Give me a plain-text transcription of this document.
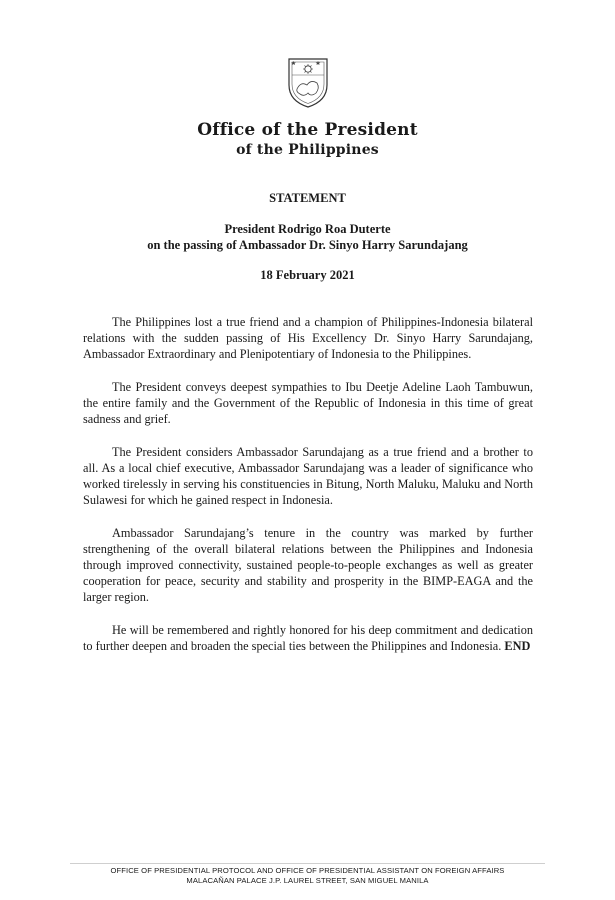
Office of the President
of the Philippines
STATEMENT
President Rodrigo Roa Duterte
on the passing of Ambassador Dr. Sinyo Harry Sarundajang
18 February 2021

The Philippines lost a true friend and a champion of Philippines-Indonesia bilateral relations with the sudden passing of His Excellency Dr. Sinyo Harry Sarundajang, Ambassador Extraordinary and Plenipotentiary of Indonesia to the Philippines.

The President conveys deepest sympathies to Ibu Deetje Adeline Laoh Tambuwun, the entire family and the Government of the Republic of Indonesia in this time of great sadness and grief.

The President considers Ambassador Sarundajang as a true friend and a brother to all. As a local chief executive, Ambassador Sarundajang was a leader of significance who worked tirelessly in serving his constituencies in Bitung, North Maluku, Maluku and North Sulawesi for which he gained respect in Indonesia.

Ambassador Sarundajang’s tenure in the country was marked by further strengthening of the overall bilateral relations between the Philippines and Indonesia through improved connectivity, sustained people-to-people exchanges as well as greater cooperation for peace, security and stability and prosperity in the BIMP-EAGA and the larger region.

He will be remembered and rightly honored for his deep commitment and dedication to further deepen and broaden the special ties between the Philippines and Indonesia. END

OFFICE OF PRESIDENTIAL PROTOCOL AND OFFICE OF PRESIDENTIAL ASSISTANT ON FOREIGN AFFAIRS
MALACAÑAN PALACE J.P. LAUREL STREET, SAN MIGUEL MANILA
